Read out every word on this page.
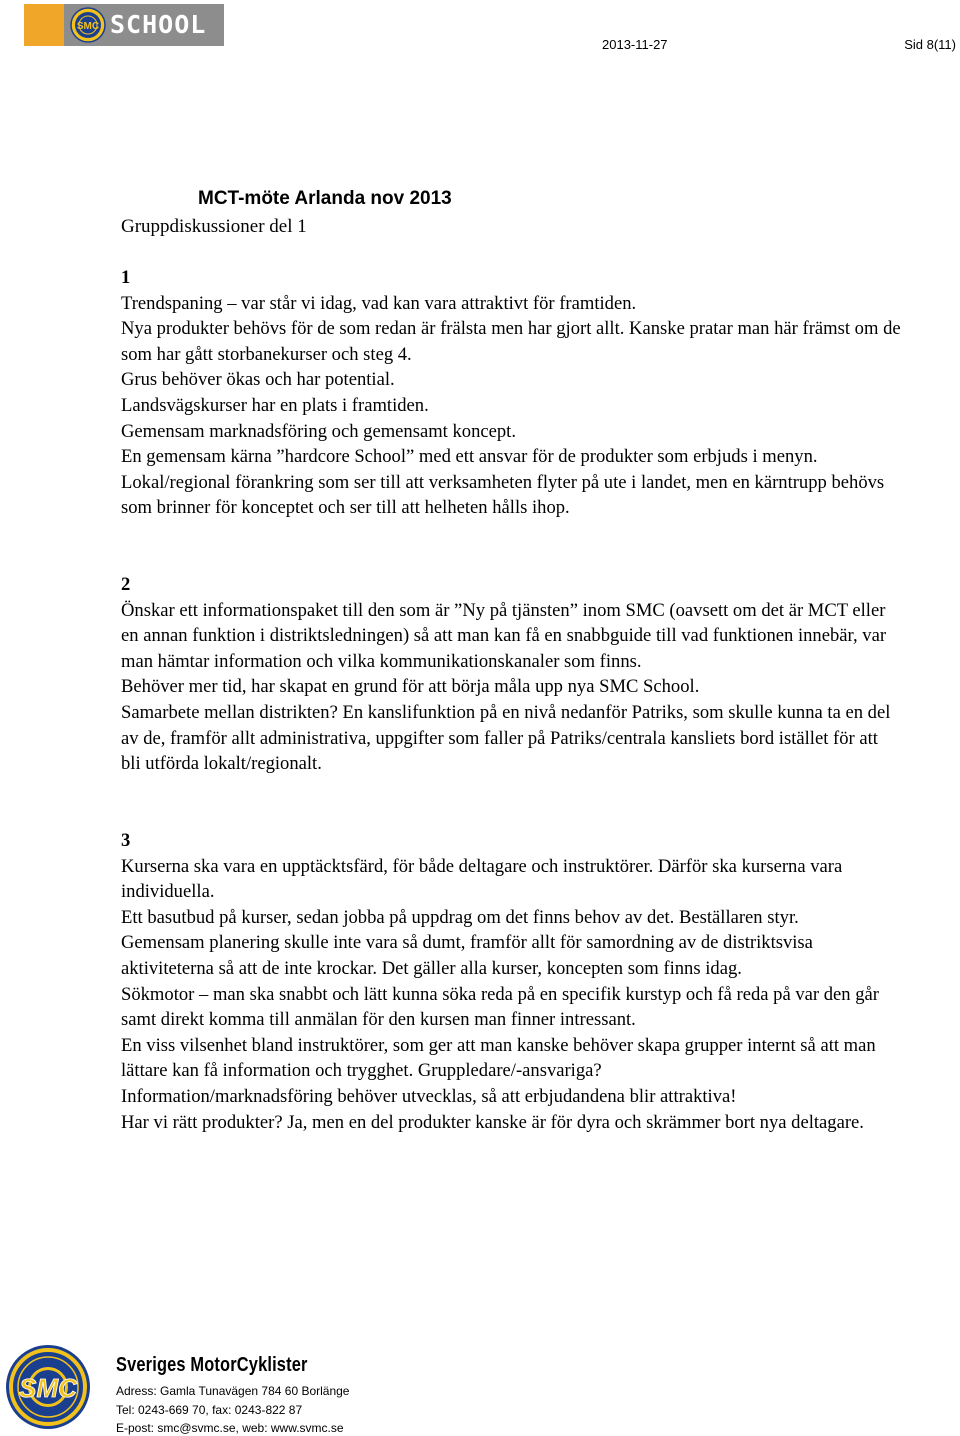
SMC SCHOOL
2013-11-27	Sid 8(11)
MCT-möte Arlanda nov 2013
Gruppdiskussioner del 1

1

Trendspaning – var står vi idag, vad kan vara attraktivt för framtiden.

Nya produkter behövs för de som redan är frälsta men har gjort allt. Kanske pratar man här främst om de som har gått storbanekurser och steg 4.

Grus behöver ökas och har potential.

Landsvägskurser har en plats i framtiden.

Gemensam marknadsföring och gemensamt koncept.

En gemensam kärna ”hardcore School” med ett ansvar för de produkter som erbjuds i menyn. Lokal/regional förankring som ser till att verksamheten flyter på ute i landet, men en kärntrupp behövs som brinner för konceptet och ser till att helheten hålls ihop.

2

Önskar ett informationspaket till den som är ”Ny på tjänsten” inom SMC (oavsett om det är MCT eller en annan funktion i distriktsledningen) så att man kan få en snabbguide till vad funktionen innebär, var man hämtar information och vilka kommunikationskanaler som finns.

Behöver mer tid, har skapat en grund för att börja måla upp nya SMC School.

Samarbete mellan distrikten? En kanslifunktion på en nivå nedanför Patriks, som skulle kunna ta en del av de, framför allt administrativa, uppgifter som faller på Patriks/centrala kansliets bord istället för att bli utförda lokalt/regionalt.

3

Kurserna ska vara en upptäcktsfärd, för både deltagare och instruktörer. Därför ska kurserna vara individuella.

Ett basutbud på kurser, sedan jobba på uppdrag om det finns behov av det. Beställaren styr.

Gemensam planering skulle inte vara så dumt, framför allt för samordning av de distriktsvisa aktiviteterna så att de inte krockar. Det gäller alla kurser, koncepten som finns idag.

Sökmotor – man ska snabbt och lätt kunna söka reda på en specifik kurstyp och få reda på var den går samt direkt komma till anmälan för den kursen man finner intressant.

En viss vilsenhet bland instruktörer, som ger att man kanske behöver skapa grupper internt så att man lättare kan få information och trygghet. Gruppledare/-ansvariga?

Information/marknadsföring behöver utvecklas, så att erbjudandena blir attraktiva!

Har vi rätt produkter? Ja, men en del produkter kanske är för dyra och skrämmer bort nya deltagare.

SMC
Sveriges MotorCyklister
Adress: Gamla Tunavägen 784 60 Borlänge
Tel: 0243-669 70, fax: 0243-822 87
E-post: smc@svmc.se, web: www.svmc.se
